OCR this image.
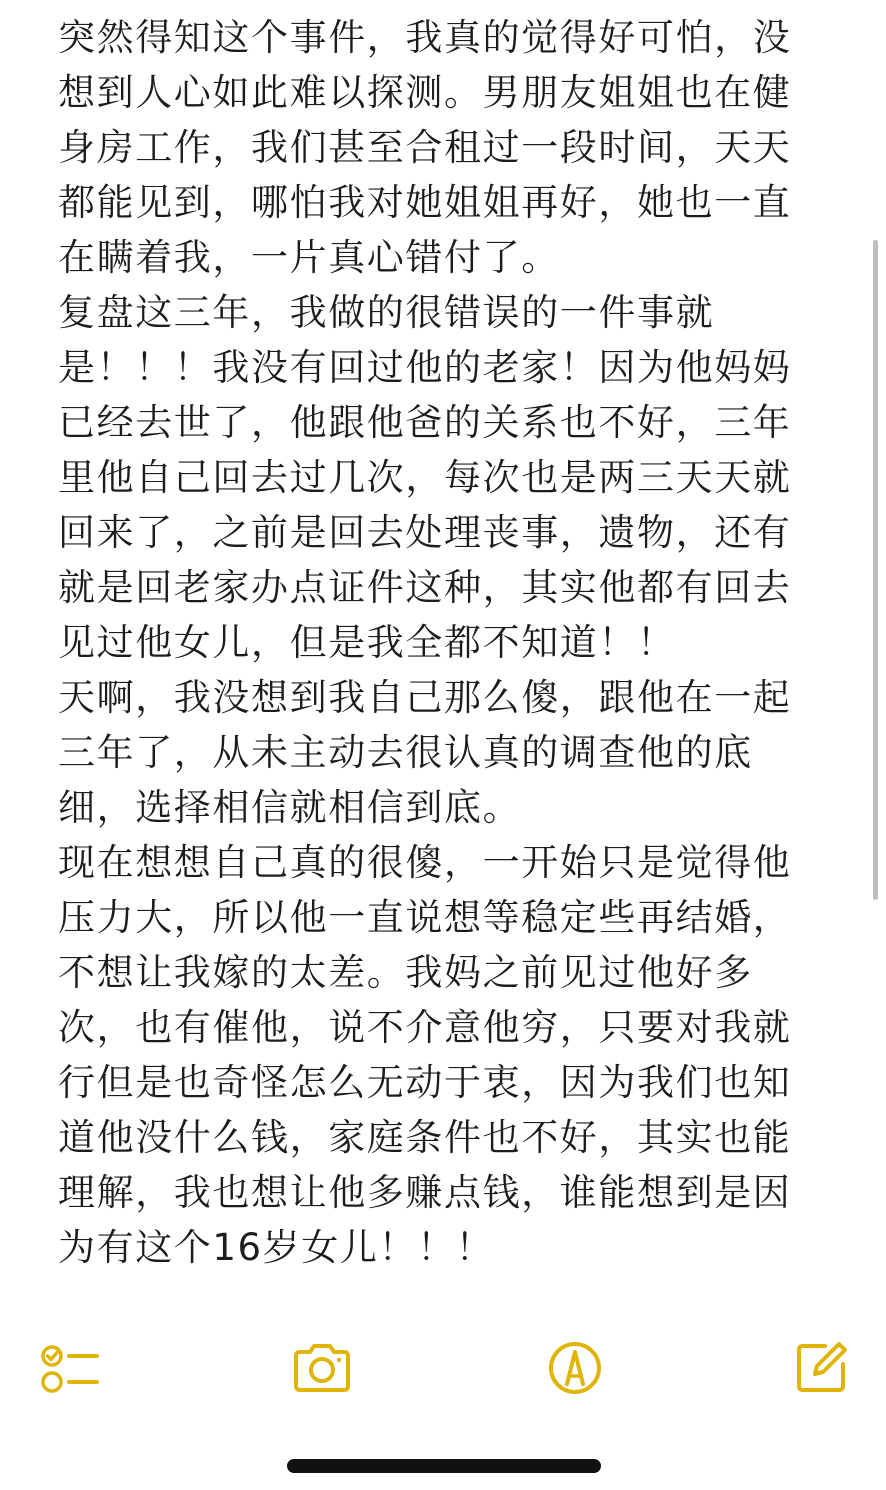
突然得知这个事件，我真的觉得好可怕，没
想到人心如此难以探测。男朋友姐姐也在健
身房工作，我们甚至合租过一段时间，天天
都能见到，哪怕我对她姐姐再好，她也一直
在瞒着我，一片真心错付了。
复盘这三年，我做的很错误的一件事就
是！！！我没有回过他的老家！因为他妈妈
已经去世了，他跟他爸的关系也不好，三年
里他自己回去过几次，每次也是两三天天就
回来了，之前是回去处理丧事，遗物，还有
就是回老家办点证件这种，其实他都有回去
见过他女儿，但是我全都不知道！！
天啊，我没想到我自己那么傻，跟他在一起
三年了，从未主动去很认真的调查他的底
细，选择相信就相信到底。
现在想想自己真的很傻，一开始只是觉得他
压力大，所以他一直说想等稳定些再结婚，
不想让我嫁的太差。我妈之前见过他好多
次，也有催他，说不介意他穷，只要对我就
行但是也奇怪怎么无动于衷，因为我们也知
道他没什么钱，家庭条件也不好，其实也能
理解，我也想让他多赚点钱，谁能想到是因
为有这个16岁女儿！！！
